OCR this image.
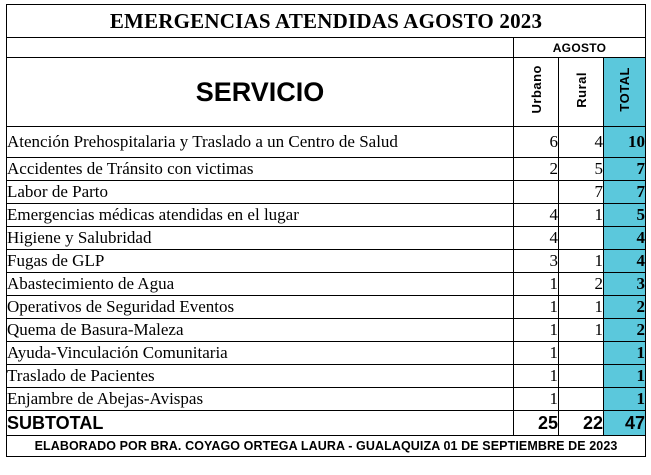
EMERGENCIAS ATENDIDAS AGOSTO 2023			
	AGOSTO		
SERVICIO	Urbano	Rural	TOTAL
Atención Prehospitalaria y Traslado a un Centro de Salud	6	4	10
Accidentes de Tránsito con victimas	2	5	7
Labor de Parto		7	7
Emergencias médicas atendidas en el lugar	4	1	5
Higiene y Salubridad	4		4
Fugas de GLP	3	1	4
Abastecimiento de Agua	1	2	3
Operativos de Seguridad Eventos	1	1	2
Quema de Basura-Maleza	1	1	2
Ayuda-Vinculación Comunitaria	1		1
Traslado de Pacientes	1		1
Enjambre de Abejas-Avispas	1		1
SUBTOTAL	25	22	47
ELABORADO POR BRA. COYAGO ORTEGA LAURA - GUALAQUIZA 01 DE SEPTIEMBRE DE 2023			
